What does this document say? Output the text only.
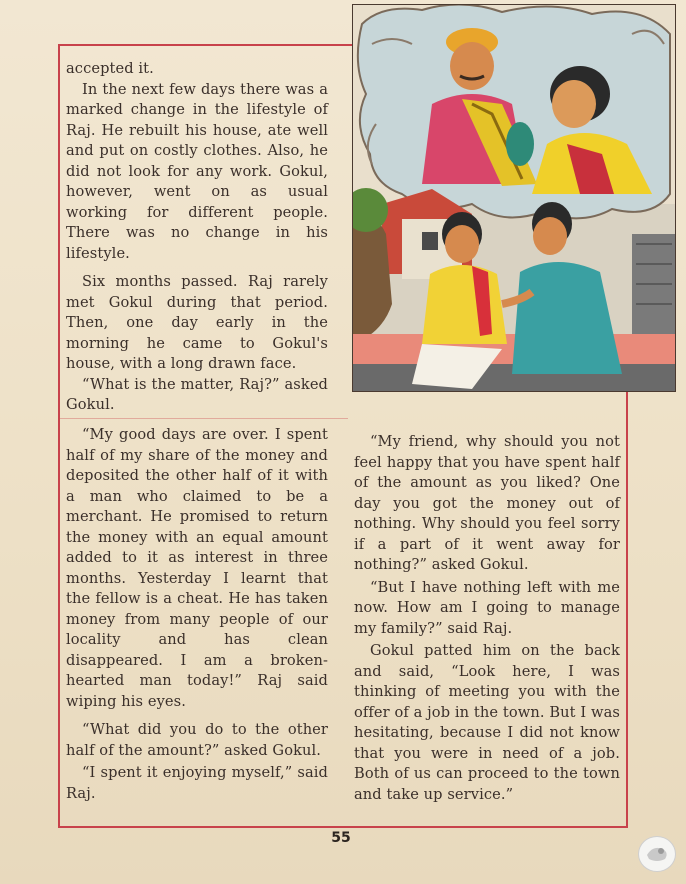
accepted it.

In the next few days there was a marked change in the lifestyle of Raj. He rebuilt his house, ate well and put on costly clothes. Also, he did not look for any work. Gokul, however, went on as usual working for different people. There was no change in his lifestyle.

Six months passed. Raj rarely met Gokul during that period. Then, one day early in the morning he came to Gokul's house, with a long drawn face.

“What is the matter, Raj?” asked Gokul.

“My good days are over. I spent half of my share of the money and deposited the other half of it with a man who claimed to be a merchant. He promised to return the money with an equal amount added to it as interest in three months. Yesterday I learnt that the fellow is a cheat. He has taken money from many people of our locality and has clean disappeared. I am a broken-hearted man today!” Raj said wiping his eyes.

“What did you do to the other half of the amount?” asked Gokul.

“I spent it enjoying myself,” said Raj.

“My friend, why should you not feel happy that you have spent half of the amount as you liked? One day you got the money out of nothing. Why should you feel sorry if a part of it went away for nothing?” asked Gokul.

“But I have nothing left with me now. How am I going to manage my family?” said Raj.

Gokul patted him on the back and said, “Look here, I was thinking of meeting you with the offer of a job in the town. But I was hesitating, because I did not know that you were in need of a job. Both of us can proceed to the town and take up service.”

55
